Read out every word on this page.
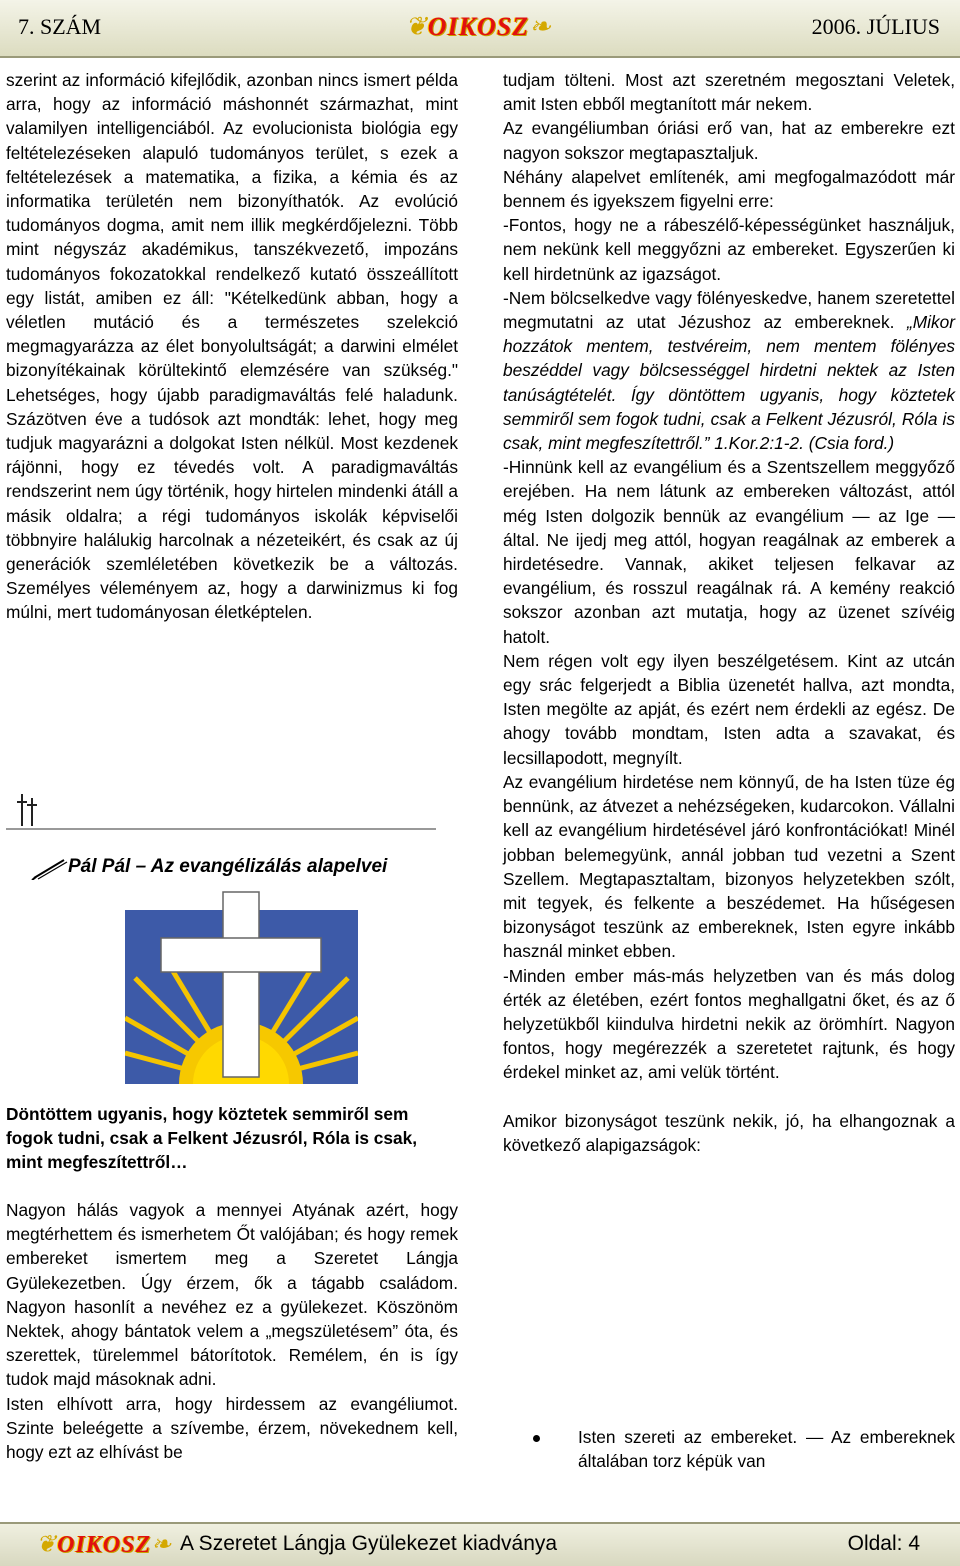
7. SZÁM	❦OIKOSZ❧	2006. JÚLIUS

szerint az információ kifejlődik, azonban nincs ismert példa arra, hogy az információ máshonnét származhat, mint valamilyen intelligenciából. Az evolucionista biológia egy feltételezéseken alapuló tudományos terület, s ezek a feltételezések a matematika, a fizika, a kémia és az informatika területén nem bizonyíthatók. Az evolúció tudományos dogma, amit nem illik megkérdőjelezni. Több mint négyszáz akadémikus, tanszékvezető, impozáns tudományos fokozatokkal rendelkező kutató összeállított egy listát, amiben ez áll: "Kételkedünk abban, hogy a véletlen mutáció és a természetes szelekció megmagyarázza az élet bonyolultságát; a darwini elmélet bizonyítékainak körültekintő elemzésére van szükség." Lehetséges, hogy újabb paradigmaváltás felé haladunk. Százötven éve a tudósok azt mondták: lehet, hogy meg tudjuk magyarázni a dolgokat Isten nélkül. Most kezdenek rájönni, hogy ez tévedés volt. A paradigmaváltás rendszerint nem úgy történik, hogy hirtelen mindenki átáll a másik oldalra; a régi tudományos iskolák képviselői többnyire halálukig harcolnak a nézeteikért, és csak az új generációk szemléletében következik be a változás. Személyes véleményem az, hogy a darwinizmus ki fog múlni, mert tudományosan életképtelen.

Pál Pál – Az evangélizálás alapelvei
Döntöttem ugyanis, hogy köztetek semmiről sem fogok tudni, csak a Felkent Jézusról, Róla is csak, mint megfeszítettről…

Nagyon hálás vagyok a mennyei Atyának azért, hogy megtérhettem és ismerhetem Őt valójában; és hogy remek embereket ismertem meg a Szeretet Lángja Gyülekezetben. Úgy érzem, ők a tágabb családom. Nagyon hasonlít a nevéhez ez a gyülekezet. Köszönöm Nektek, ahogy bántatok velem a „megszületésem” óta, és szerettek, türelemmel bátorítotok. Remélem, én is így tudok majd másoknak adni.

Isten elhívott arra, hogy hirdessem az evangéliumot. Szinte beleégette a szívembe, érzem, növekednem kell, hogy ezt az elhívást be

tudjam tölteni. Most azt szeretném megosztani Veletek, amit Isten ebből megtanított már nekem.

Az evangéliumban óriási erő van, hat az emberekre ezt nagyon sokszor megtapasztaljuk.

Néhány alapelvet említenék, ami megfogalmazódott már bennem és igyekszem figyelni erre:

-Fontos, hogy ne a rábeszélő-képességünket használjuk, nem nekünk kell meggyőzni az embereket. Egyszerűen ki kell hirdetnünk az igazságot.

-Nem bölcselkedve vagy fölényeskedve, hanem szeretettel megmutatni az utat Jézushoz az embereknek. „Mikor hozzátok mentem, testvéreim, nem mentem fölényes beszéddel vagy bölcsességgel hirdetni nektek az Isten tanúságtételét. Így döntöttem ugyanis, hogy köztetek semmiről sem fogok tudni, csak a Felkent Jézusról, Róla is csak, mint megfeszítettről.” 1.Kor.2:1-2. (Csia ford.)

-Hinnünk kell az evangélium és a Szentszellem meggyőző erejében. Ha nem látunk az embereken változást, attól még Isten dolgozik bennük az evangélium — az Ige — által. Ne ijedj meg attól, hogyan reagálnak az emberek a hirdetésedre. Vannak, akiket teljesen felkavar az evangélium, és rosszul reagálnak rá. A kemény reakció sokszor azonban azt mutatja, hogy az üzenet szívéig hatolt.

Nem régen volt egy ilyen beszélgetésem. Kint az utcán egy srác felgerjedt a Biblia üzenetét hallva, azt mondta, Isten megölte az apját, és ezért nem érdekli az egész. De ahogy tovább mondtam, Isten adta a szavakat, és lecsillapodott, megnyílt.

Az evangélium hirdetése nem könnyű, de ha Isten tüze ég bennünk, az átvezet a nehézségeken, kudarcokon. Vállalni kell az evangélium hirdetésével járó konfrontációkat! Minél jobban belemegyünk, annál jobban tud vezetni a Szent Szellem. Megtapasztaltam, bizonyos helyzetekben szólt, mit tegyek, és felkente a beszédemet. Ha hűségesen bizonyságot teszünk az embereknek, Isten egyre inkább használ minket ebben.

-Minden ember más-más helyzetben van és más dolog érték az életében, ezért fontos meghallgatni őket, és az ő helyzetükből kiindulva hirdetni nekik az örömhírt. Nagyon fontos, hogy megérezzék a szeretetet rajtunk, és hogy érdekel minket az, ami velük történt.

Amikor bizonyságot teszünk nekik, jó, ha elhangoznak a következő alapigazságok:

Isten szereti az embereket. — Az embereknek általában torz képük van
❦OIKOSZ❧ A Szeretet Lángja Gyülekezet kiadványa	Oldal: 4
